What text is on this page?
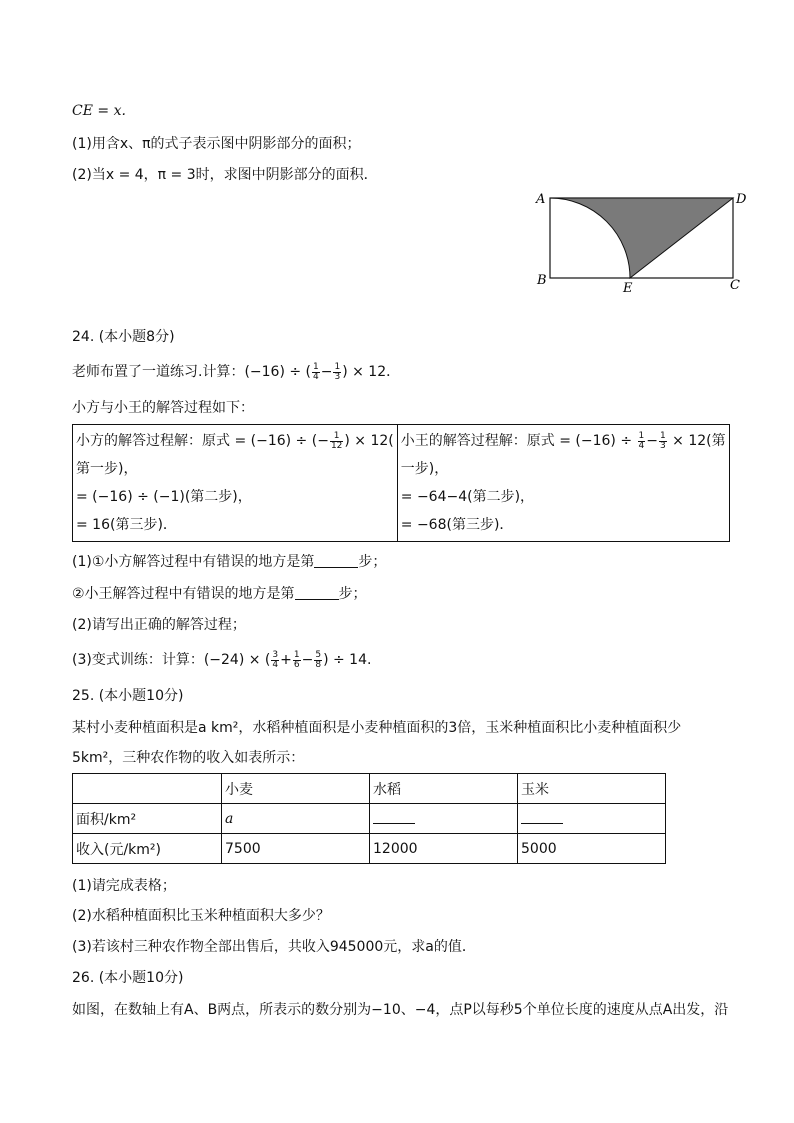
CE = x.
(1)用含x、π的式子表示图中阴影部分的面积；
(2)当x = 4，π = 3时，求图中阴影部分的面积．
A	D
B
E	C
24. (本小题8分)
老师布置了一道练习.计算：(−16) ÷ ( $\frac{1}{4} - \frac{1}{3}$ ) × 12．
小方与小王的解答过程如下：
小方的解答过程解：原式 = (−16) ÷ (− $\frac{1}{12}$ ) × 12(
第一步)，
= (−16) ÷ (−1)(第二步)，
= 16(第三步)．

小王的解答过程解：原式 = $(-16) \div \frac{1}{4} - \frac{1}{3} \times 12$(第
一步)，
= −64−4(第二步)，
= −68(第三步)．
(1)①小方解答过程中有错误的地方是第	步；
②小王解答过程中有错误的地方是第	步；
(2)请写出正确的解答过程；
(3)变式训练：计算：(−24) × ( $\frac{3}{4} + \frac{1}{6} - \frac{5}{8}$ ) ÷ 14.
25. (本小题10分)
某村小麦种植面积是a km²，水稻种植面积是小麦种植面积的3倍，玉米种植面积比小麦种植面积少
5km²，三种农作物的收入如表所示：
	小麦	水稻	玉米
面积/km²	a		
收入(元/km²)	7500	12000	5000
(1)请完成表格；
(2)水稻种植面积比玉米种植面积大多少？
(3)若该村三种农作物全部出售后，共收入945000元，求a的值．
26. (本小题10分)
如图，在数轴上有A、B两点，所表示的数分别为−10、−4，点P以每秒5个单位长度的速度从点A出发，沿
